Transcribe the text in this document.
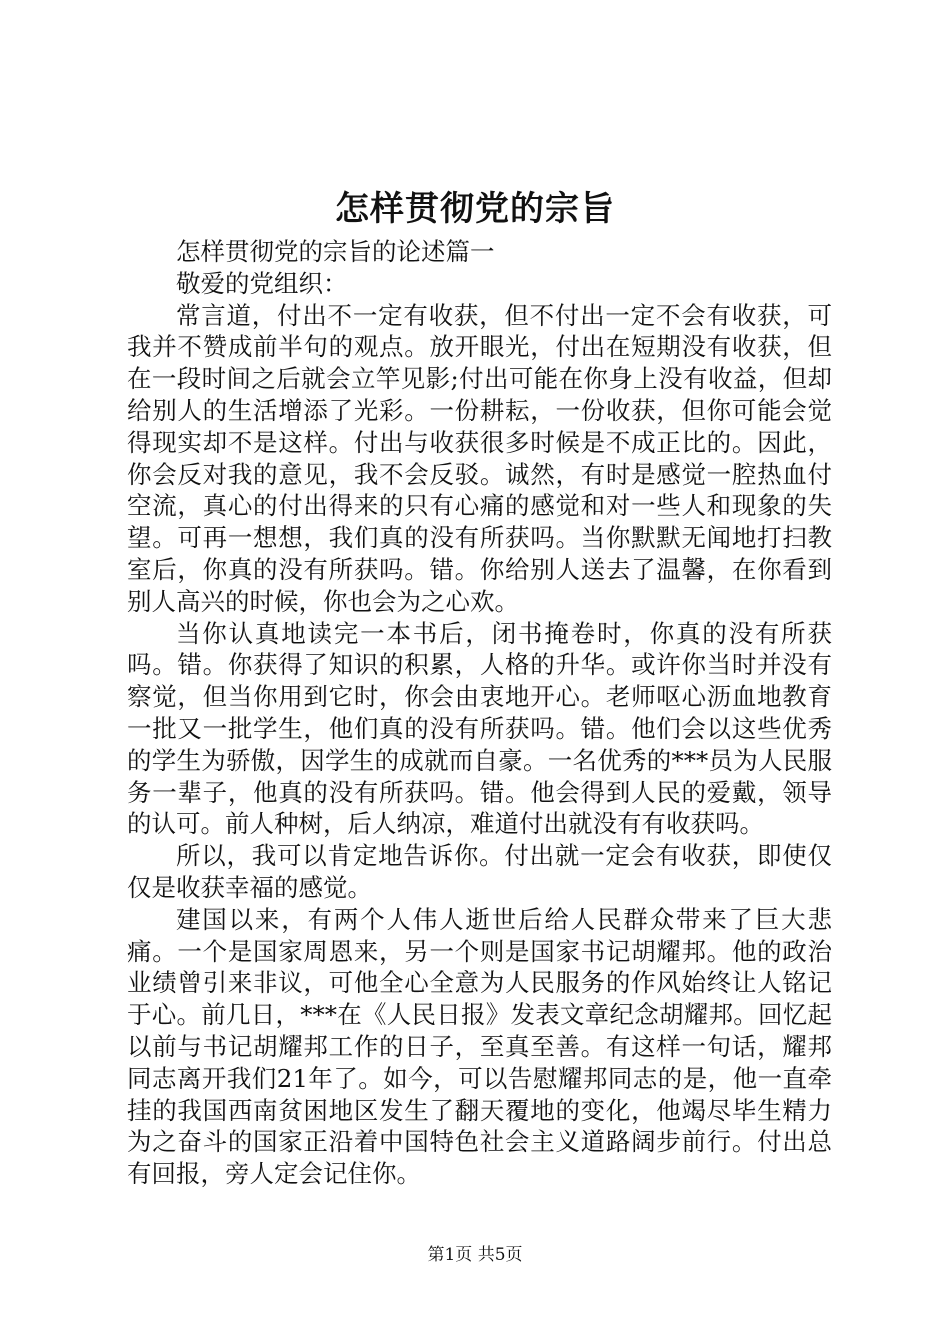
怎样贯彻党的宗旨

怎样贯彻党的宗旨的论述篇一

敬爱的党组织：

常言道，付出不一定有收获，但不付出一定不会有收获，可我并不赞成前半句的观点。放开眼光，付出在短期没有收获，但在一段时间之后就会立竿见影;付出可能在你身上没有收益，但却给别人的生活增添了光彩。一份耕耘，一份收获，但你可能会觉得现实却不是这样。付出与收获很多时候是不成正比的。因此，你会反对我的意见，我不会反驳。诚然，有时是感觉一腔热血付空流，真心的付出得来的只有心痛的感觉和对一些人和现象的失望。可再一想想，我们真的没有所获吗。当你默默无闻地打扫教室后，你真的没有所获吗。错。你给别人送去了温馨，在你看到别人高兴的时候，你也会为之心欢。

当你认真地读完一本书后，闭书掩卷时，你真的没有所获吗。错。你获得了知识的积累，人格的升华。或许你当时并没有察觉，但当你用到它时，你会由衷地开心。老师呕心沥血地教育一批又一批学生，他们真的没有所获吗。错。他们会以这些优秀的学生为骄傲，因学生的成就而自豪。一名优秀的***员为人民服务一辈子，他真的没有所获吗。错。他会得到人民的爱戴，领导的认可。前人种树，后人纳凉，难道付出就没有有收获吗。

所以，我可以肯定地告诉你。付出就一定会有收获，即使仅仅是收获幸福的感觉。

建国以来，有两个人伟人逝世后给人民群众带来了巨大悲痛。一个是国家周恩来，另一个则是国家书记胡耀邦。他的政治业绩曾引来非议，可他全心全意为人民服务的作风始终让人铭记于心。前几日，***在《人民日报》发表文章纪念胡耀邦。回忆起以前与书记胡耀邦工作的日子，至真至善。有这样一句话，耀邦同志离开我们21年了。如今，可以告慰耀邦同志的是，他一直牵挂的我国西南贫困地区发生了翻天覆地的变化，他竭尽毕生精力为之奋斗的国家正沿着中国特色社会主义道路阔步前行。付出总有回报，旁人定会记住你。

第1页 共5页
